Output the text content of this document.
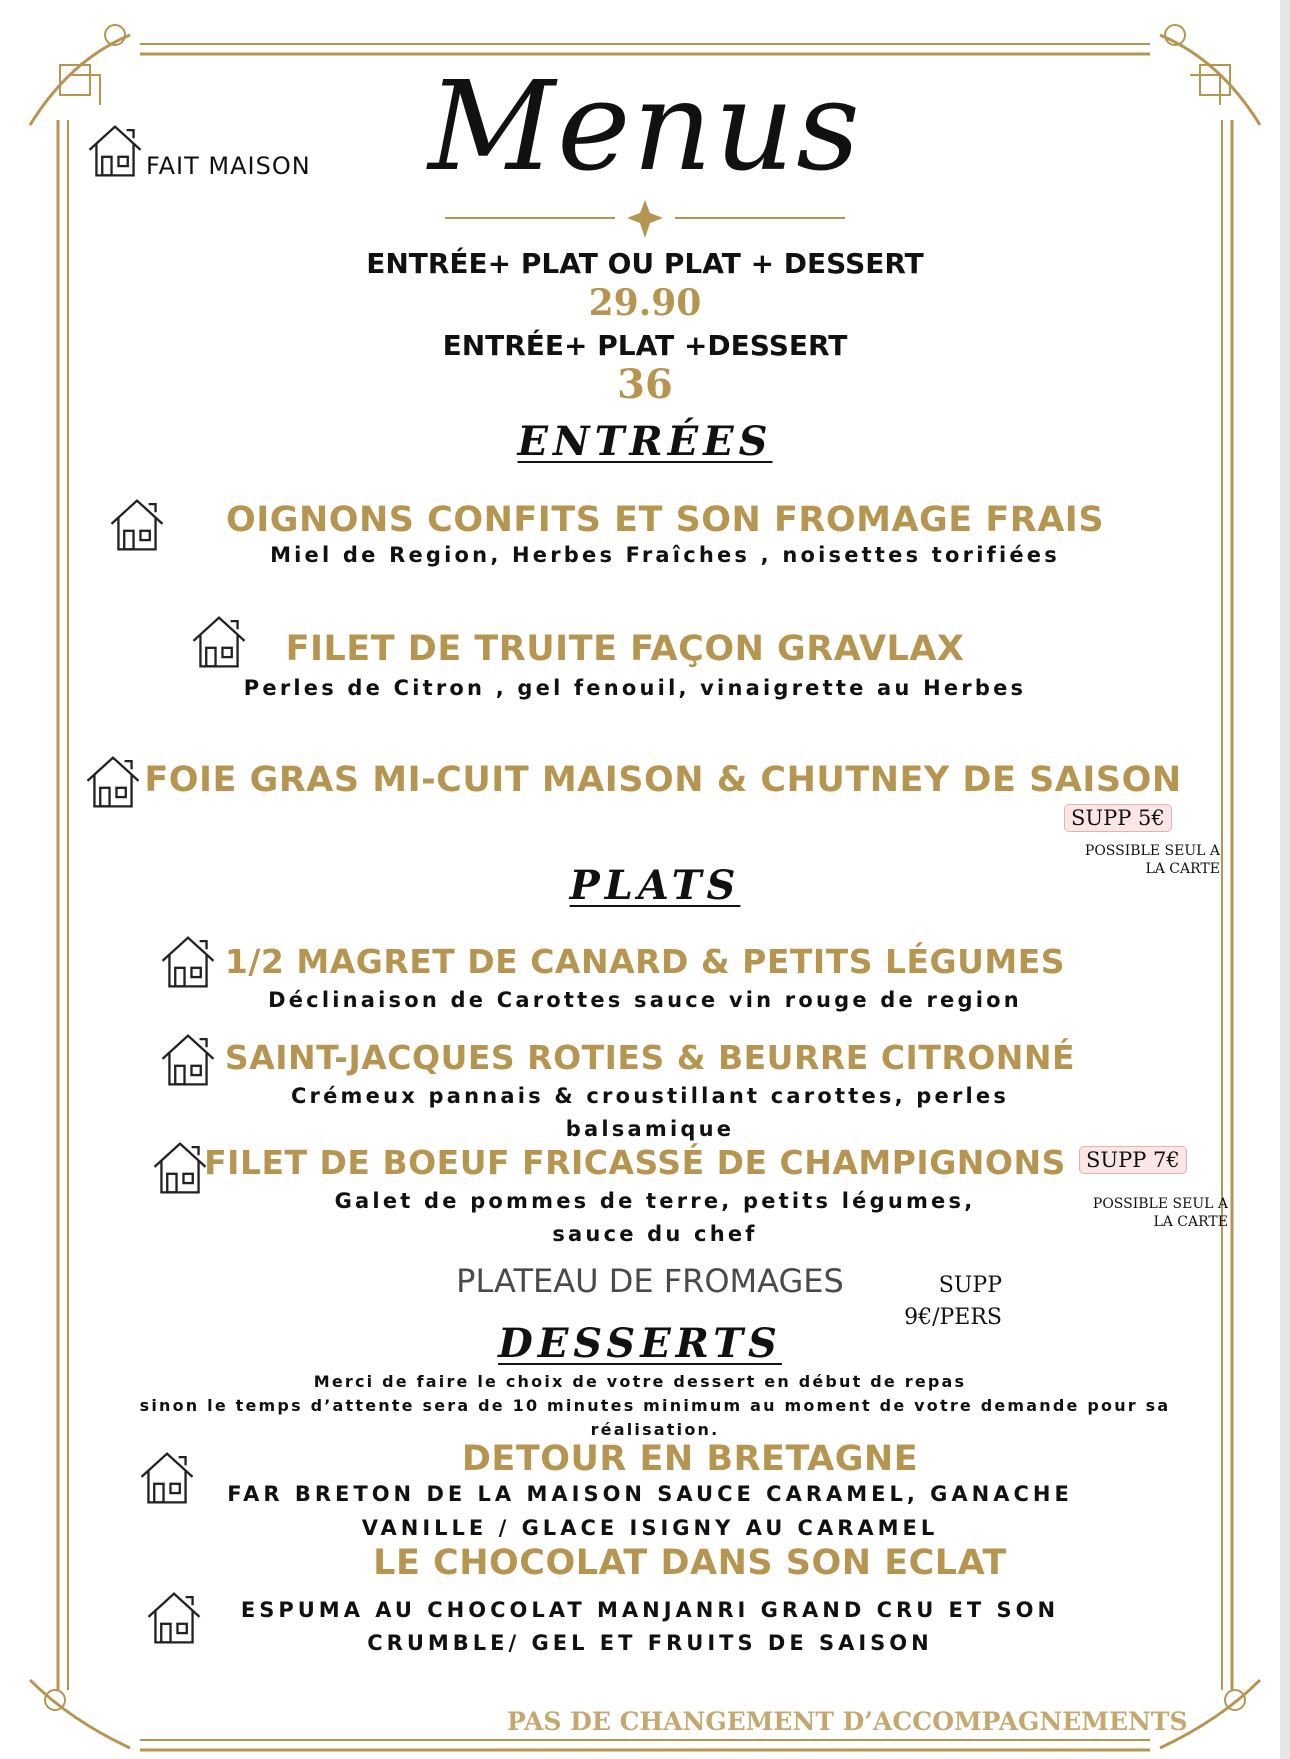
FAIT MAISON Menus
ENTRÉE+ PLAT OU PLAT + DESSERT
29.90
ENTRÉE+ PLAT +DESSERT
36
ENTRÉES
OIGNONS CONFITS ET SON FROMAGE FRAIS
Miel de Region, Herbes Fraîches , noisettes torifiées
FILET DE TRUITE FAÇON GRAVLAX
Perles de Citron , gel fenouil, vinaigrette au Herbes
FOIE GRAS MI-CUIT MAISON & CHUTNEY DE SAISON
SUPP 5€
POSSIBLE SEUL A
LA CARTE
PLATS
1/2 MAGRET DE CANARD & PETITS LÉGUMES
Déclinaison de Carottes sauce vin rouge de region
SAINT-JACQUES ROTIES & BEURRE CITRONNÉ
Crémeux pannais & croustillant carottes, perles
balsamique
FILET DE BOEUF FRICASSÉ DE CHAMPIGNONS SUPP 7€
Galet de pommes de terre, petits légumes,
sauce du chef
POSSIBLE SEUL A
LA CARTE
PLATEAU DE FROMAGES	SUPP
9€/PERS
DESSERTS
Merci de faire le choix de votre dessert en début de repas
sinon le temps d’attente sera de 10 minutes minimum au moment de votre demande pour sa
réalisation.
DETOUR EN BRETAGNE
FAR BRETON DE LA MAISON SAUCE CARAMEL, GANACHE
VANILLE / GLACE ISIGNY AU CARAMEL
LE CHOCOLAT DANS SON ECLAT
ESPUMA AU CHOCOLAT MANJANRI GRAND CRU ET SON
CRUMBLE/ GEL ET FRUITS DE SAISON
PAS DE CHANGEMENT D’ACCOMPAGNEMENTS
